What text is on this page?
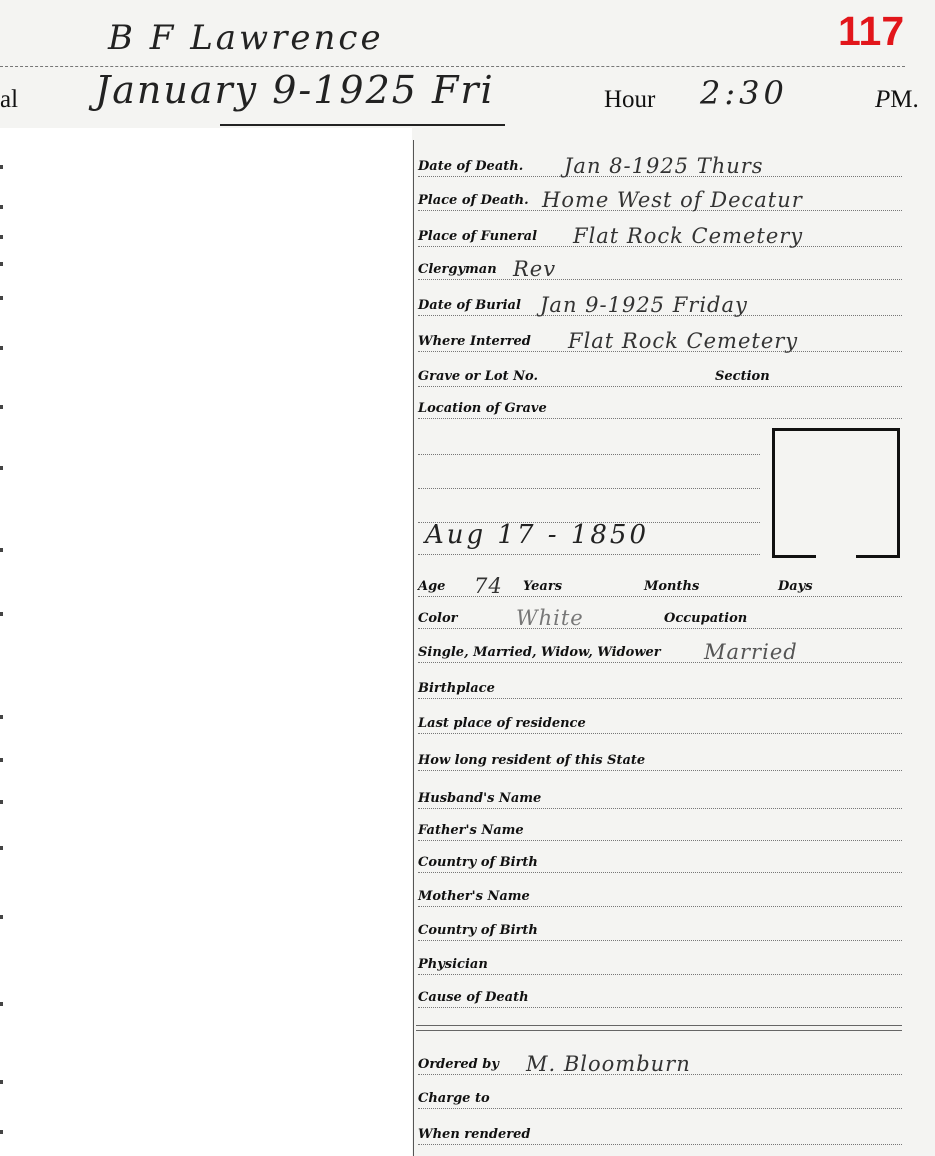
B F Lawrence
al January 9-1925 Fri	Hour 2:30	PM.
117
Date of Death. Jan 8-1925 Thurs
Place of Death. Home West of Decatur
Place of Funeral Flat Rock Cemetery
Clergyman Rev
Date of Burial Jan 9-1925 Friday
Where Interred Flat Rock Cemetery
Grave or Lot No.	Section
Location of Grave
Aug 17 - 1850
Age 74 Years	Months	Days
Color	White	Occupation
Single, Married, Widow, Widower Married
Birthplace
Last place of residence
How long resident of this State
Husband's Name
Father's Name
Country of Birth
Mother's Name
Country of Birth
Physician
Cause of Death
Ordered by M. Bloomburn
Charge to
When rendered
